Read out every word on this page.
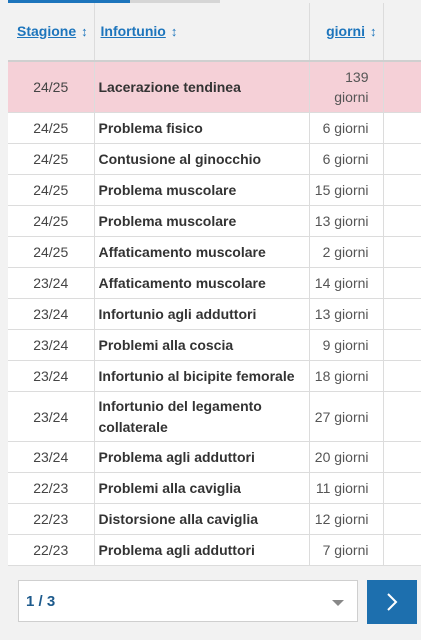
Stagione ↕	Infortunio ↕	giorni ↕	
24/25	Lacerazione tendinea	139 giorni	
24/25	Problema fisico	6 giorni	
24/25	Contusione al ginocchio	6 giorni	
24/25	Problema muscolare	15 giorni	
24/25	Problema muscolare	13 giorni	
24/25	Affaticamento muscolare	2 giorni	
23/24	Affaticamento muscolare	14 giorni	
23/24	Infortunio agli adduttori	13 giorni	
23/24	Problemi alla coscia	9 giorni	
23/24	Infortunio al bicipite femorale	18 giorni	
23/24	Infortunio del legamento collaterale	27 giorni	
23/24	Problema agli adduttori	20 giorni	
22/23	Problemi alla caviglia	11 giorni	
22/23	Distorsione alla caviglia	12 giorni	
22/23	Problema agli adduttori	7 giorni	
1 / 3
